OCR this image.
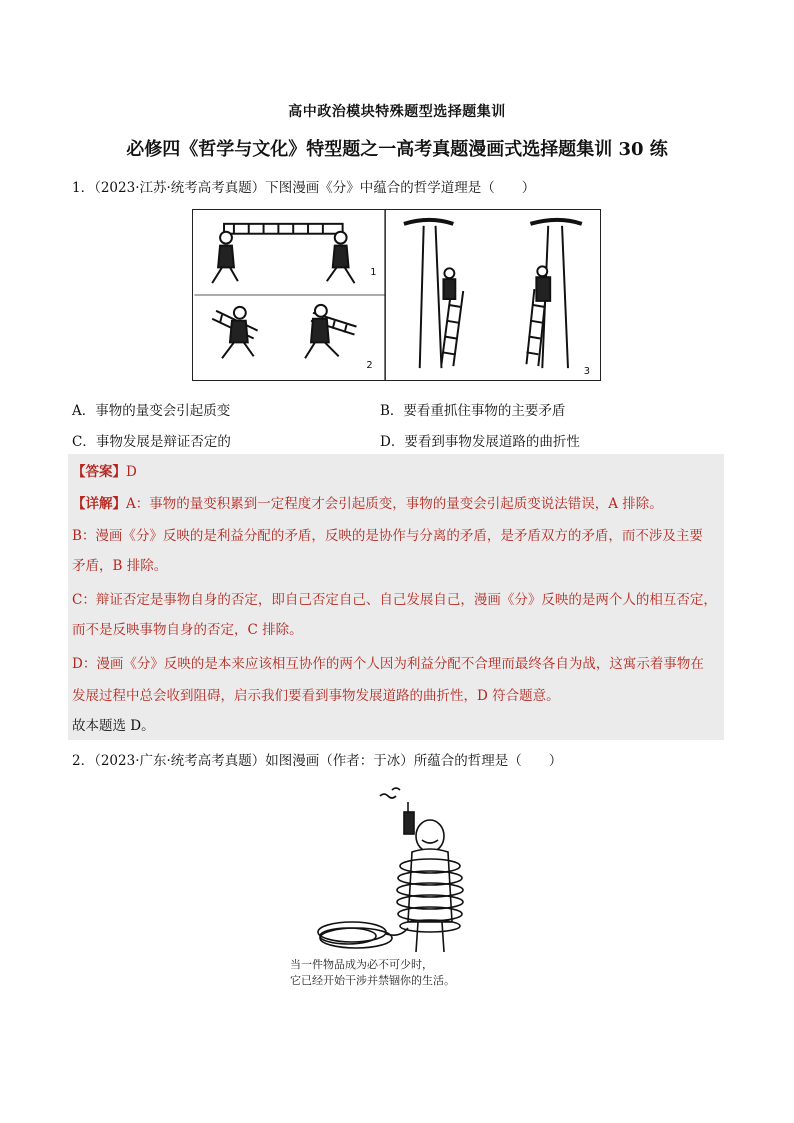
高中政治模块特殊题型选择题集训
必修四《哲学与文化》特型题之一高考真题漫画式选择题集训 30 练
1．（2023·江苏·统考高考真题）下图漫画《分》中蕴合的哲学道理是（　　）
1
2
3
A．事物的量变会引起质变	B．要看重抓住事物的主要矛盾
C．事物发展是辩证否定的	D．要看到事物发展道路的曲折性
【答案】D
【详解】A：事物的量变积累到一定程度才会引起质变，事物的量变会引起质变说法错误，A 排除。
B：漫画《分》反映的是利益分配的矛盾，反映的是协作与分离的矛盾，是矛盾双方的矛盾，而不涉及主要
矛盾，B 排除。
C：辩证否定是事物自身的否定，即自己否定自己、自己发展自己，漫画《分》反映的是两个人的相互否定，
而不是反映事物自身的否定，C 排除。
D：漫画《分》反映的是本来应该相互协作的两个人因为利益分配不合理而最终各自为战，这寓示着事物在
发展过程中总会收到阻碍，启示我们要看到事物发展道路的曲折性，D 符合题意。
故本题选 D。
2．（2023·广东·统考高考真题）如图漫画（作者：于冰）所蕴合的哲理是（　　）
当一件物品成为必不可少时，
它已经开始干涉并禁锢你的生活。
